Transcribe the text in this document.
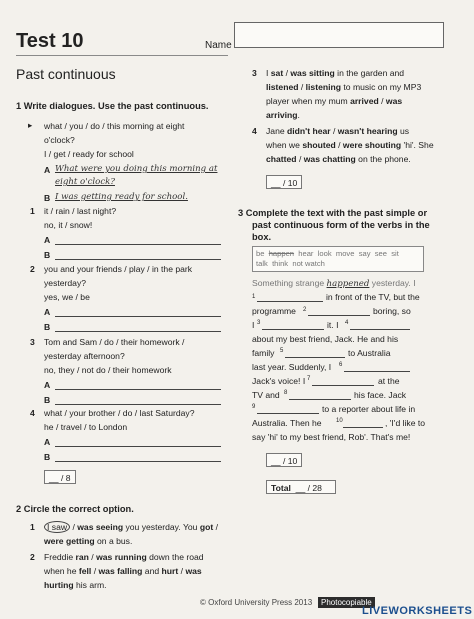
Test 10	Name
Past continuous
1 Write dialogues. Use the past continuous.
▸ what / you / do / this morning at eight
o'clock?
I / get / ready for school
A What were you doing this morning at
eight o'clock?
B I was getting ready for school.
1	it / rain / last night?
no, it / snow!
A
B
2	you and your friends / play / in the park
yesterday?
yes, we / be
A
B
3	Tom and Sam / do / their homework /
yesterday afternoon?
no, they / not do / their homework
A
B
4	what / your brother / do / last Saturday?
he / travel / to London
A
B
__ / 8
2 Circle the correct option.
1 I saw / was seeing you yesterday. You got /
were getting on a bus.
2 Freddie ran / was running down the road
when he fell / was falling and hurt / was
hurting his arm.
3 I sat / was sitting in the garden and
listened / listening to music on my MP3
player when my mum arrived / was
arriving.
4 Jane didn't hear / wasn't hearing us
when we shouted / were shouting 'hi'. She
chatted / was chatting on the phone.
__ / 10
3 Complete the text with the past simple or
past continuous form of the verbs in the
box.
be happen hear look move say see sit
talk think not watch
Something strange happened yesterday. I
1	in front of the TV, but the
programme 2	boring, so
I 3	it. I 4
about my best friend, Jack. He and his
family 5	to Australia
last year. Suddenly, I 6
Jack's voice! I 7	at the
TV and 8	his face. Jack
9	to a reporter about life in
Australia. Then he 10	, 'I'd like to
say 'hi' to my best friend, Rob'. That's me!
__ / 10
Total __ / 28
© Oxford University Press 2013	Photocopiable
LIVEWORKSHEETS
